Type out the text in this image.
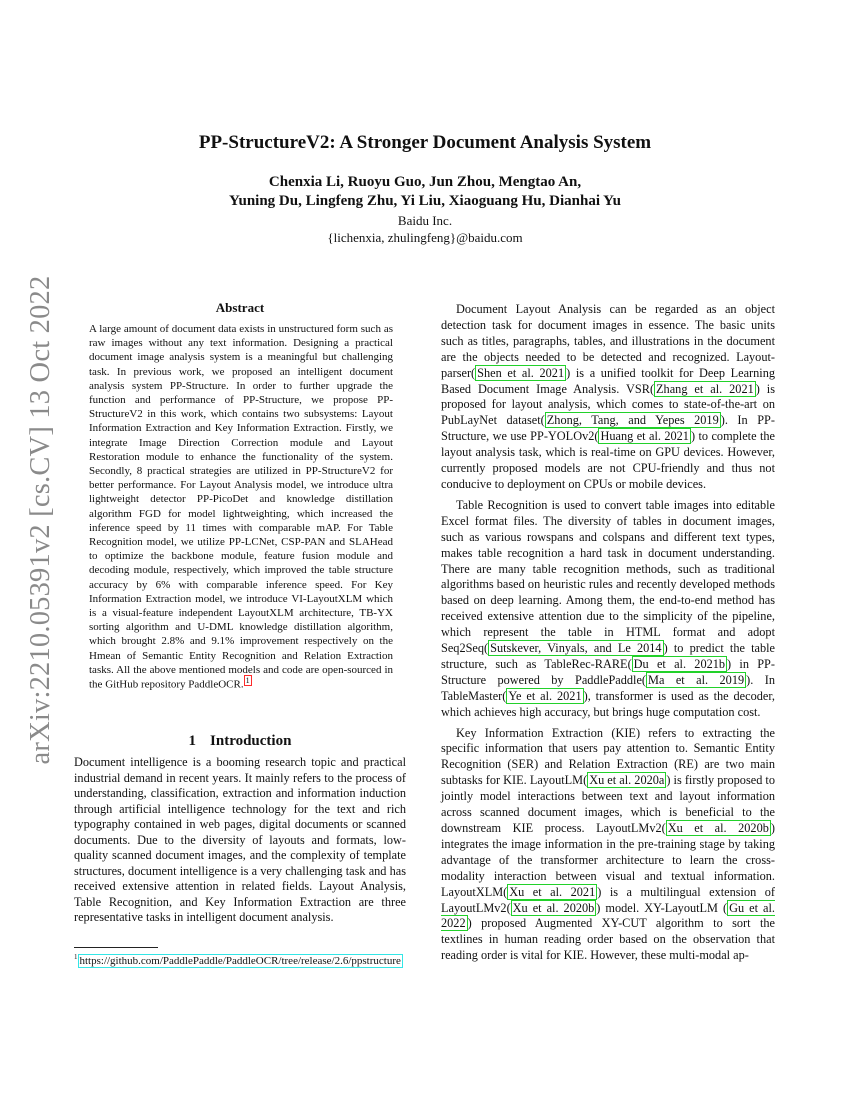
arXiv:2210.05391v2 [cs.CV] 13 Oct 2022
PP-StructureV2: A Stronger Document Analysis System
Chenxia Li, Ruoyu Guo, Jun Zhou, Mengtao An,
Yuning Du, Lingfeng Zhu, Yi Liu, Xiaoguang Hu, Dianhai Yu
Baidu Inc.
{lichenxia, zhulingfeng}@baidu.com
Abstract

A large amount of document data exists in unstructured form such as raw images without any text information. Designing a practical document image analysis system is a meaningful but challenging task. In previous work, we proposed an intelligent document analysis system PP-Structure. In order to further upgrade the function and performance of PP-Structure, we propose PP-StructureV2 in this work, which contains two subsystems: Layout Information Extraction and Key Information Extraction. Firstly, we integrate Image Direction Correction module and Layout Restoration module to enhance the functionality of the system. Secondly, 8 practical strategies are utilized in PP-StructureV2 for better performance. For Layout Analysis model, we introduce ultra lightweight detector PP-PicoDet and knowledge distillation algorithm FGD for model lightweighting, which increased the inference speed by 11 times with comparable mAP. For Table Recognition model, we utilize PP-LCNet, CSP-PAN and SLAHead to optimize the backbone module, feature fusion module and decoding module, respectively, which improved the table structure accuracy by 6% with comparable inference speed. For Key Information Extraction model, we introduce VI-LayoutXLM which is a visual-feature independent LayoutXLM architecture, TB-YX sorting algorithm and U-DML knowledge distillation algorithm, which brought 2.8% and 9.1% improvement respectively on the Hmean of Semantic Entity Recognition and Relation Extraction tasks. All the above mentioned models and code are open-sourced in the GitHub repository PaddleOCR. $^1$

1 Introduction

Document intelligence is a booming research topic and practical industrial demand in recent years. It mainly refers to the process of understanding, classification, extraction and information induction through artificial intelligence technology for the text and rich typography contained in web pages, digital documents or scanned documents. Due to the diversity of layouts and formats, low-quality scanned document images, and the complexity of template structures, document intelligence is a very challenging task and has received extensive attention in related fields. Layout Analysis, Table Recognition, and Key Information Extraction are three representative tasks in intelligent document analysis.

$^1$ https://github.com/PaddlePaddle/PaddleOCR/tree/release/2.6/ppstructure

Document Layout Analysis can be regarded as an object detection task for document images in essence. The basic units such as titles, paragraphs, tables, and illustrations in the document are the objects needed to be detected and recognized. Layout-parser( Shen et al. 2021 ) is a unified toolkit for Deep Learning Based Document Image Analysis. VSR( Zhang et al. 2021 ) is proposed for layout analysis, which comes to state-of-the-art on PubLayNet dataset( Zhong, Tang, and Yepes 2019 ). In PP-Structure, we use PP-YOLOv2( Huang et al. 2021 ) to complete the layout analysis task, which is real-time on GPU devices. However, currently proposed models are not CPU-friendly and thus not conducive to deployment on CPUs or mobile devices.

Table Recognition is used to convert table images into editable Excel format files. The diversity of tables in document images, such as various rowspans and colspans and different text types, makes table recognition a hard task in document understanding. There are many table recognition methods, such as traditional algorithms based on heuristic rules and recently developed methods based on deep learning. Among them, the end-to-end method has received extensive attention due to the simplicity of the pipeline, which represent the table in HTML format and adopt Seq2Seq( Sutskever, Vinyals, and Le 2014 ) to predict the table structure, such as TableRec-RARE( Du et al. 2021b ) in PP-Structure powered by PaddlePaddle( Ma et al. 2019 ). In TableMaster( Ye et al. 2021 ), transformer is used as the decoder, which achieves high accuracy, but brings huge computation cost.

Key Information Extraction (KIE) refers to extracting the specific information that users pay attention to. Semantic Entity Recognition (SER) and Relation Extraction (RE) are two main subtasks for KIE. LayoutLM( Xu et al. 2020a ) is firstly proposed to jointly model interactions between text and layout information across scanned document images, which is beneficial to the downstream KIE process. LayoutLMv2( Xu et al. 2020b ) integrates the image information in the pre-training stage by taking advantage of the transformer architecture to learn the cross-modality interaction between visual and textual information. LayoutXLM( Xu et al. 2021 ) is a multilingual extension of LayoutLMv2( Xu et al. 2020b ) model. XY-LayoutLM ( Gu et al. 2022 ) proposed Augmented XY-CUT algorithm to sort the textlines in human reading order based on the observation that reading order is vital for KIE. However, these multi-modal ap-
